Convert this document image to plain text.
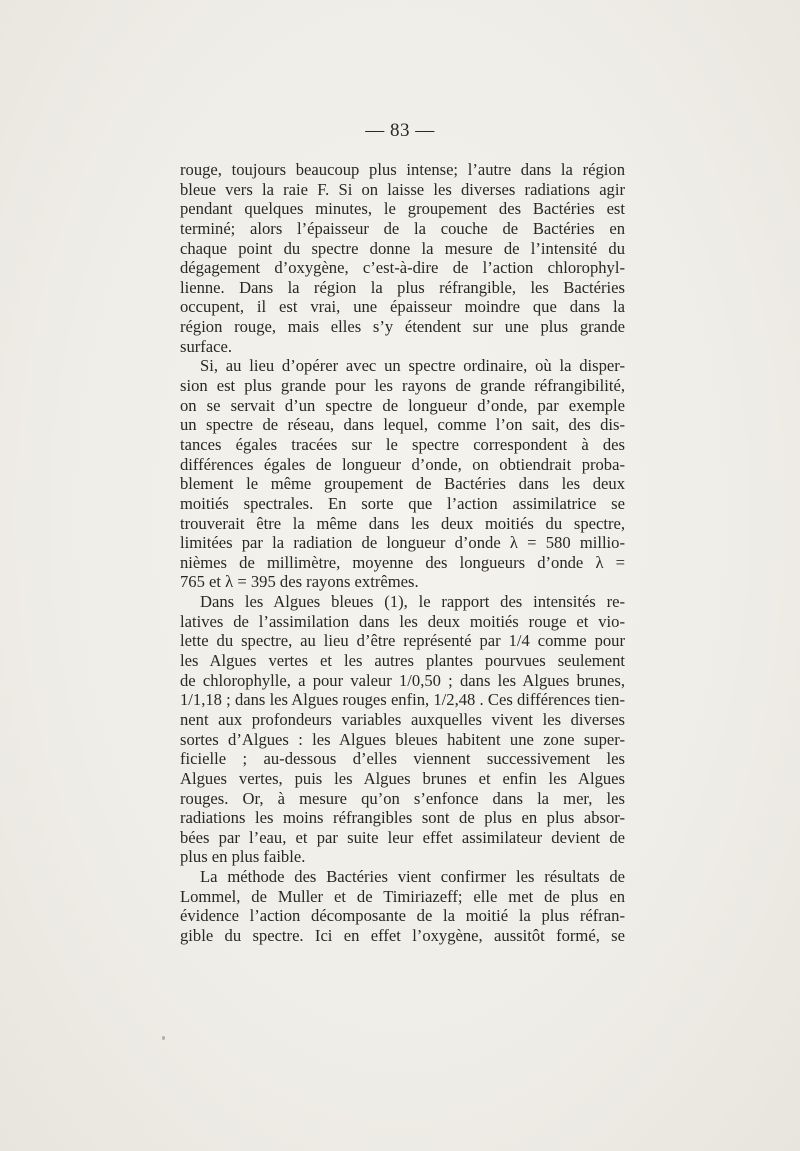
— 83 —
rouge, toujours beaucoup plus intense; l’autre dans la région
bleue vers la raie F. Si on laisse les diverses radiations agir
pendant quelques minutes, le groupement des Bactéries est
terminé; alors l’épaisseur de la couche de Bactéries en
chaque point du spectre donne la mesure de l’intensité du
dégagement d’oxygène, c’est-à-dire de l’action chlorophyl-
lienne. Dans la région la plus réfrangible, les Bactéries
occupent, il est vrai, une épaisseur moindre que dans la
région rouge, mais elles s’y étendent sur une plus grande
surface.
Si, au lieu d’opérer avec un spectre ordinaire, où la disper-
sion est plus grande pour les rayons de grande réfrangibilité,
on se servait d’un spectre de longueur d’onde, par exemple
un spectre de réseau, dans lequel, comme l’on sait, des dis-
tances égales tracées sur le spectre correspondent à des
différences égales de longueur d’onde, on obtiendrait proba-
blement le même groupement de Bactéries dans les deux
moitiés spectrales. En sorte que l’action assimilatrice se
trouverait être la même dans les deux moitiés du spectre,
limitées par la radiation de longueur d’onde λ = 580 millio-
nièmes de millimètre, moyenne des longueurs d’onde λ =
765 et λ = 395 des rayons extrêmes.
Dans les Algues bleues (1), le rapport des intensités re-
latives de l’assimilation dans les deux moitiés rouge et vio-
lette du spectre, au lieu d’être représenté par 1/4 comme pour
les Algues vertes et les autres plantes pourvues seulement
de chlorophylle, a pour valeur 1/0,50 ; dans les Algues brunes,
1/1,18 ; dans les Algues rouges enfin, 1/2,48 . Ces différences tien-
nent aux profondeurs variables auxquelles vivent les diverses
sortes d’Algues : les Algues bleues habitent une zone super-
ficielle ; au-dessous d’elles viennent successivement les
Algues vertes, puis les Algues brunes et enfin les Algues
rouges. Or, à mesure qu’on s’enfonce dans la mer, les
radiations les moins réfrangibles sont de plus en plus absor-
bées par l’eau, et par suite leur effet assimilateur devient de
plus en plus faible.
La méthode des Bactéries vient confirmer les résultats de
Lommel, de Muller et de Timiriazeff; elle met de plus en
évidence l’action décomposante de la moitié la plus réfran-
gible du spectre. Ici en effet l’oxygène, aussitôt formé, se
